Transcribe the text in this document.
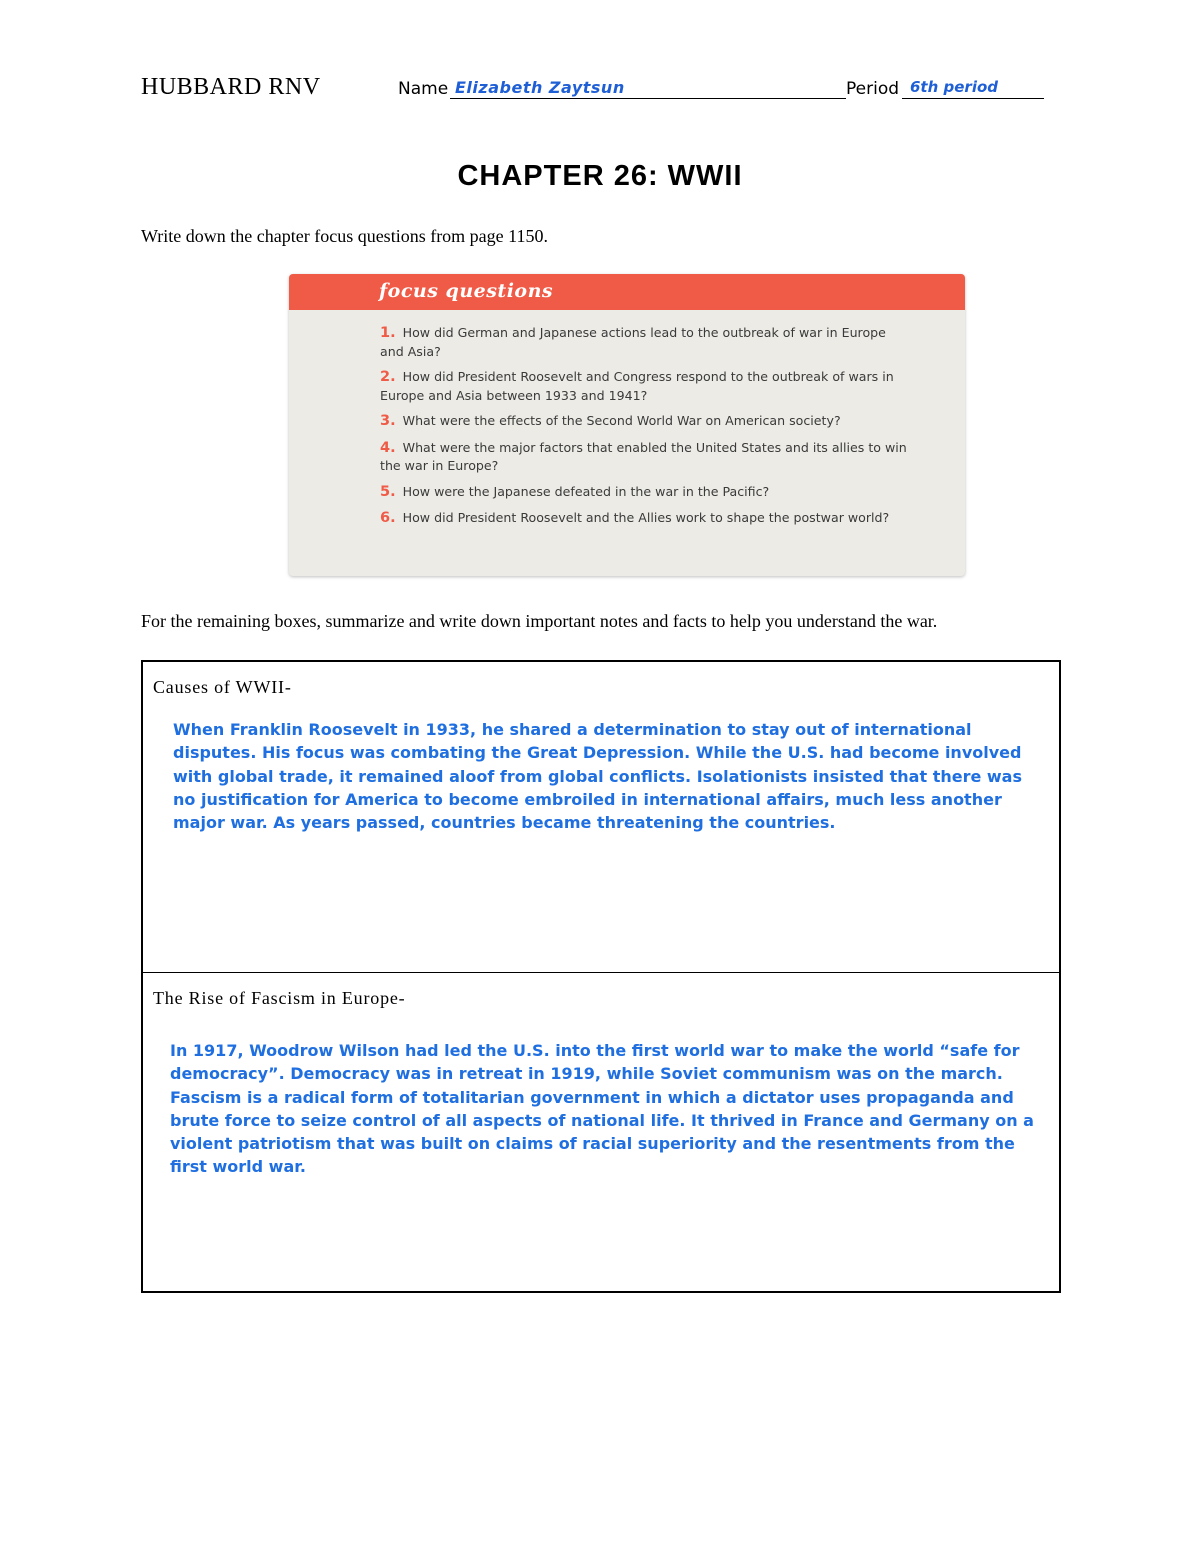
HUBBARD RNV	Name Elizabeth Zaytsun	Period 6th period
CHAPTER 26: WWII
Write down the chapter focus questions from page 1150.
focus questions
1. How did German and Japanese actions lead to the outbreak of war in Europe and Asia?
2. How did President Roosevelt and Congress respond to the outbreak of wars in Europe and Asia between 1933 and 1941?
3. What were the effects of the Second World War on American society?
4. What were the major factors that enabled the United States and its allies to win the war in Europe?
5. How were the Japanese defeated in the war in the Pacific?
6. How did President Roosevelt and the Allies work to shape the postwar world?
For the remaining boxes, summarize and write down important notes and facts to help you understand the war.
Causes of WWII-
When Franklin Roosevelt in 1933, he shared a determination to stay out of international disputes. His focus was combating the Great Depression. While the U.S. had become involved with global trade, it remained aloof from global conflicts. Isolationists insisted that there was no justification for America to become embroiled in international affairs, much less another major war. As years passed, countries became threatening the countries.
The Rise of Fascism in Europe-
In 1917, Woodrow Wilson had led the U.S. into the first world war to make the world “safe for democracy”. Democracy was in retreat in 1919, while Soviet communism was on the march. Fascism is a radical form of totalitarian government in which a dictator uses propaganda and brute force to seize control of all aspects of national life. It thrived in France and Germany on a violent patriotism that was built on claims of racial superiority and the resentments from the first world war.
